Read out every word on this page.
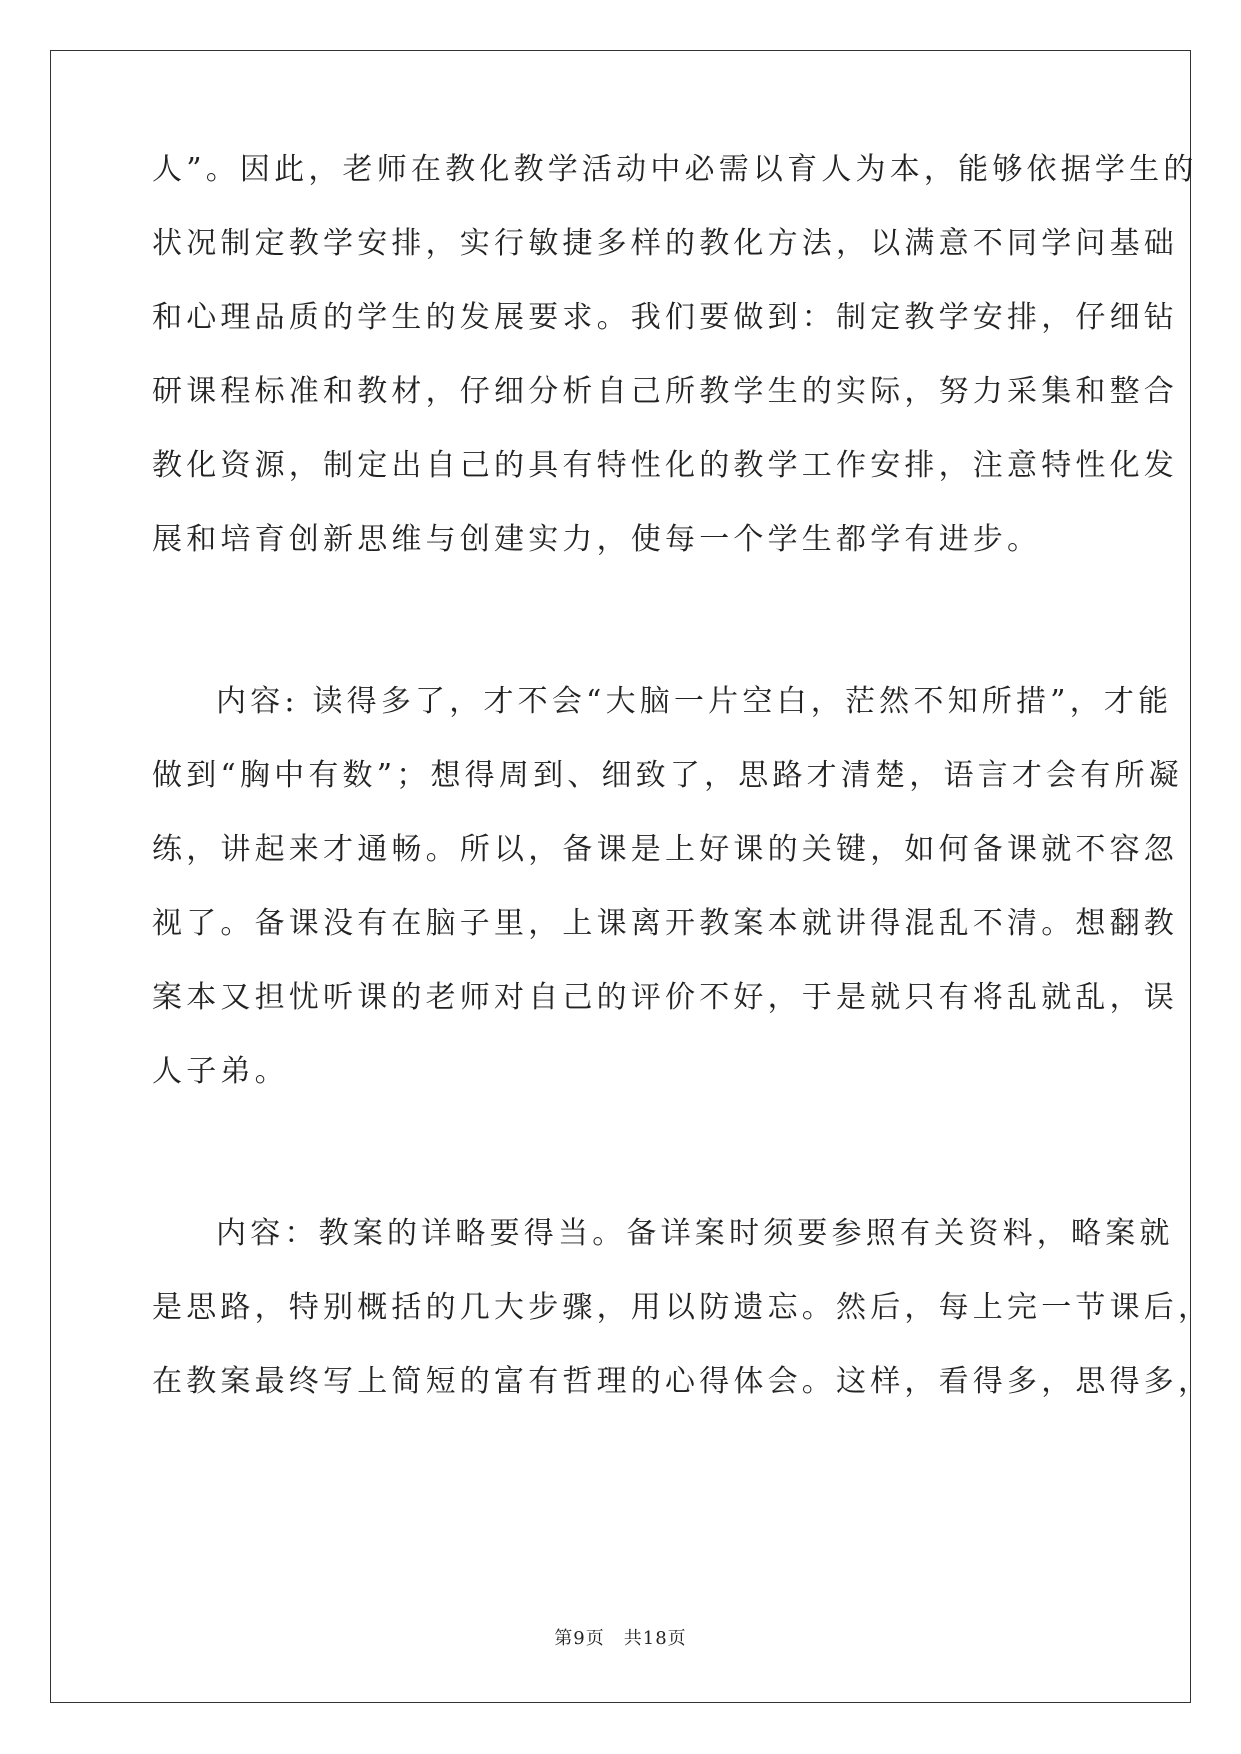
人”。因此，老师在教化教学活动中必需以育人为本，能够依据学生的
状况制定教学安排，实行敏捷多样的教化方法，以满意不同学问基础
和心理品质的学生的发展要求。我们要做到：制定教学安排，仔细钻
研课程标准和教材，仔细分析自己所教学生的实际，努力采集和整合
教化资源，制定出自己的具有特性化的教学工作安排，注意特性化发
展和培育创新思维与创建实力，使每一个学生都学有进步。
内容: 读得多了，才不会“大脑一片空白，茫然不知所措”，才能
做到“胸中有数”；想得周到、细致了，思路才清楚，语言才会有所凝
练，讲起来才通畅。所以，备课是上好课的关键，如何备课就不容忽
视了。备课没有在脑子里，上课离开教案本就讲得混乱不清。想翻教
案本又担忧听课的老师对自己的评价不好，于是就只有将乱就乱，误
人子弟。
内容：教案的详略要得当。备详案时须要参照有关资料，略案就
是思路，特别概括的几大步骤，用以防遗忘。然后，每上完一节课后，
在教案最终写上简短的富有哲理的心得体会。这样，看得多，思得多，
第9页　共18页
